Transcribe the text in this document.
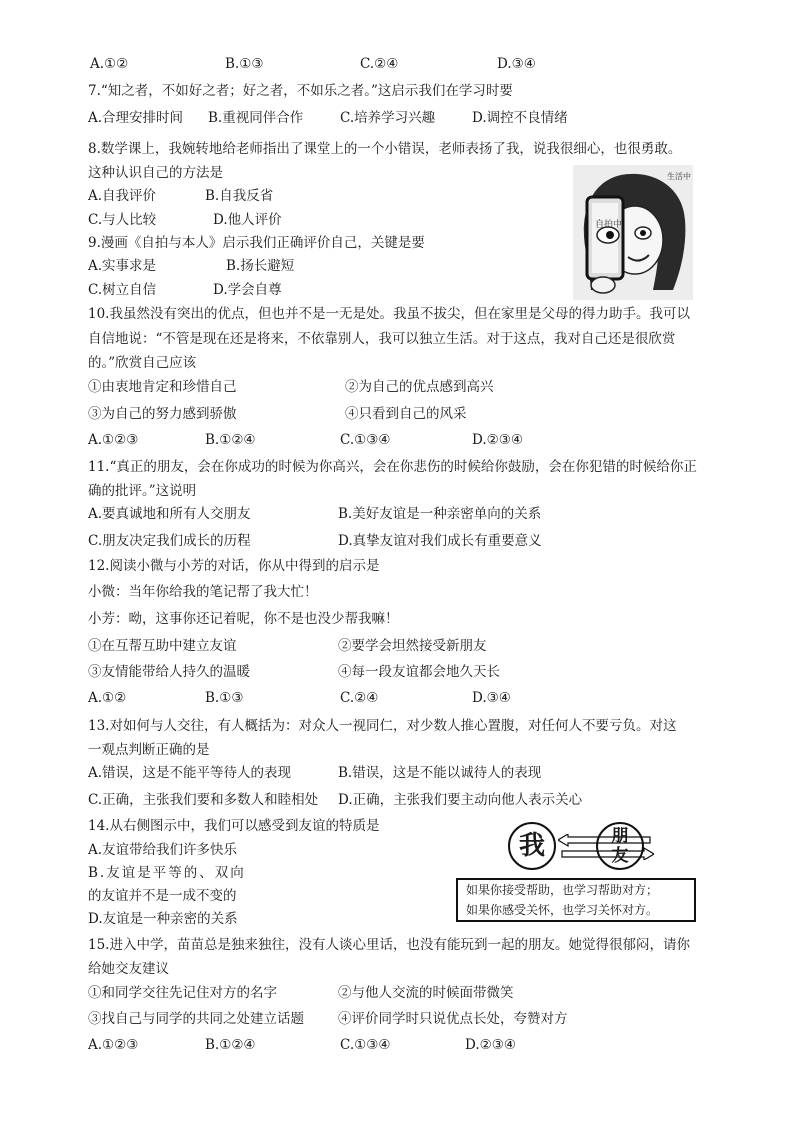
A.①②	B.①③	C.②④	D.③④
7.“知之者，不如好之者；好之者，不如乐之者。”这启示我们在学习时要
A.合理安排时间 B.重视同伴合作	C.培养学习兴趣	D.调控不良情绪
8.数学课上，我婉转地给老师指出了课堂上的一个小错误，老师表扬了我，说我很细心，也很勇敢。
这种认识自己的方法是
A.自我评价	B.自我反省
C.与人比较	D.他人评价
9.漫画《自拍与本人》启示我们正确评价自己，关键是要
A.实事求是	B.扬长避短
C.树立自信	D.学会自尊
自拍中
生活中
10.我虽然没有突出的优点，但也并不是一无是处。我虽不拔尖，但在家里是父母的得力助手。我可以
自信地说：“不管是现在还是将来，不依靠别人，我可以独立生活。对于这点，我对自己还是很欣赏
的。”欣赏自己应该
①由衷地肯定和珍惜自己	②为自己的优点感到高兴
③为自己的努力感到骄傲	④只看到自己的风采
A.①②③	B.①②④	C.①③④	D.②③④
11.“真正的朋友，会在你成功的时候为你高兴，会在你悲伤的时候给你鼓励，会在你犯错的时候给你正
确的批评。”这说明
A.要真诚地和所有人交朋友	B.美好友谊是一种亲密单向的关系
C.朋友决定我们成长的历程	D.真挚友谊对我们成长有重要意义
12.阅读小微与小芳的对话，你从中得到的启示是
小微：当年你给我的笔记帮了我大忙！
小芳：呦，这事你还记着呢，你不是也没少帮我嘛！
①在互帮互助中建立友谊	②要学会坦然接受新朋友
③友情能带给人持久的温暖	④每一段友谊都会地久天长
A.①②	B.①③	C.②④	D.③④
13.对如何与人交往，有人概括为：对众人一视同仁，对少数人推心置腹，对任何人不要亏负。对这
一观点判断正确的是
A.错误，这是不能平等待人的表现	B.错误，这是不能以诚待人的表现
C.正确，主张我们要和多数人和睦相处 D.正确，主张我们要主动向他人表示关心
14.从右侧图示中，我们可以感受到友谊的特质是
A.友谊带给我们许多快乐
B.友谊是平等的、双向
的友谊并不是一成不变的
D.友谊是一种亲密的关系
我	朋
友
如果你接受帮助，也学习帮助对方；
如果你感受关怀，也学习关怀对方。
15.进入中学，苗苗总是独来独往，没有人谈心里话，也没有能玩到一起的朋友。她觉得很郁闷，请你
给她交友建议
①和同学交往先记住对方的名字	②与他人交流的时候面带微笑
③找自己与同学的共同之处建立话题	④评价同学时只说优点长处，夸赞对方
A.①②③	B.①②④	C.①③④	D.②③④
